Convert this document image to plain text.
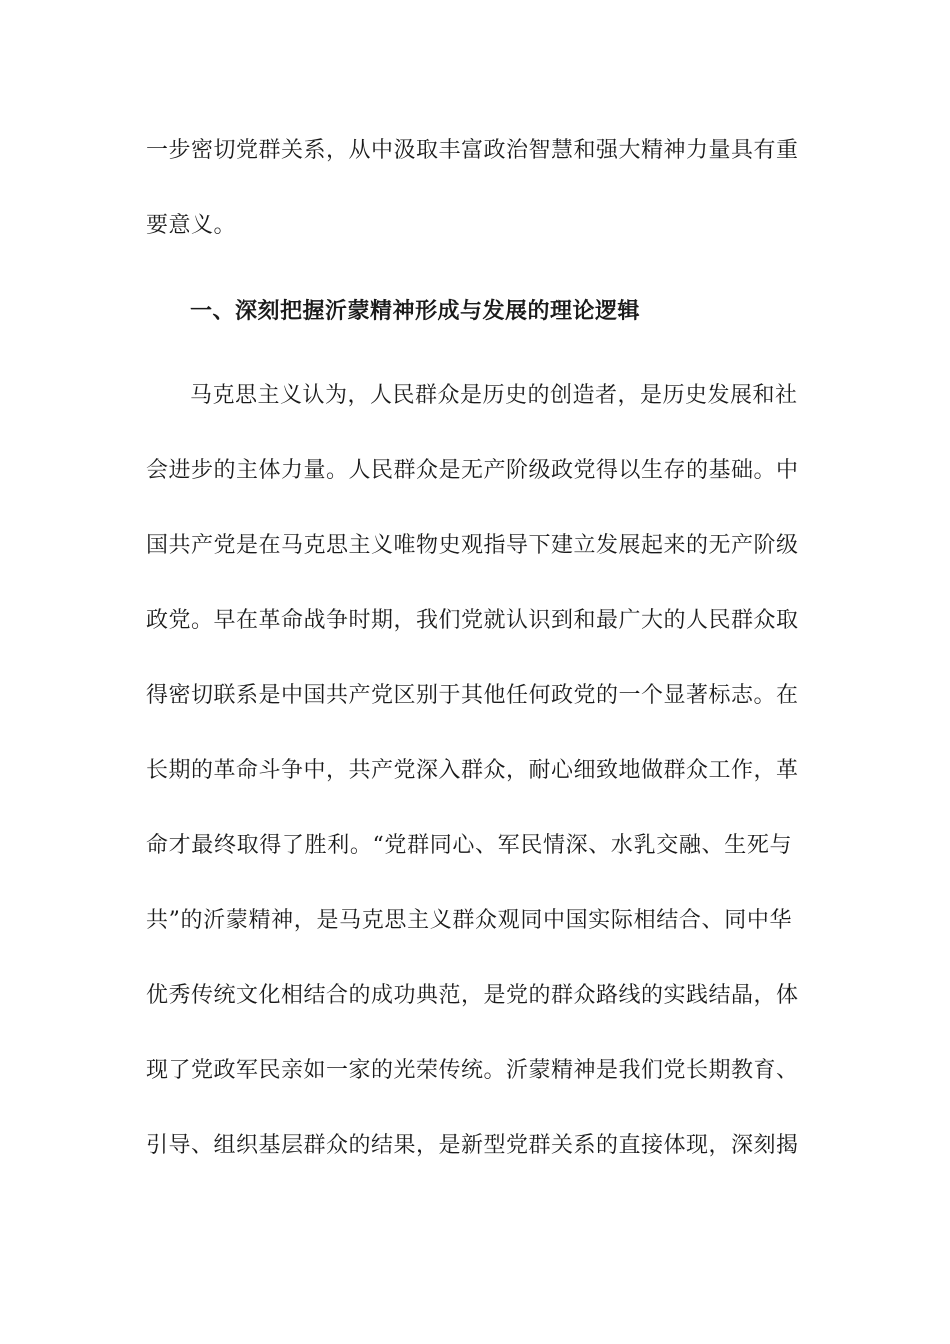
一步密切党群关系，从中汲取丰富政治智慧和强大精神力量具有重
要意义。
一、深刻把握沂蒙精神形成与发展的理论逻辑
马克思主义认为，人民群众是历史的创造者，是历史发展和社
会进步的主体力量。人民群众是无产阶级政党得以生存的基础。中
国共产党是在马克思主义唯物史观指导下建立发展起来的无产阶级
政党。早在革命战争时期，我们党就认识到和最广大的人民群众取
得密切联系是中国共产党区别于其他任何政党的一个显著标志。在
长期的革命斗争中，共产党深入群众，耐心细致地做群众工作，革
命才最终取得了胜利。“党群同心、军民情深、水乳交融、生死与
共”的沂蒙精神，是马克思主义群众观同中国实际相结合、同中华
优秀传统文化相结合的成功典范，是党的群众路线的实践结晶，体
现了党政军民亲如一家的光荣传统。沂蒙精神是我们党长期教育、
引导、组织基层群众的结果，是新型党群关系的直接体现，深刻揭
